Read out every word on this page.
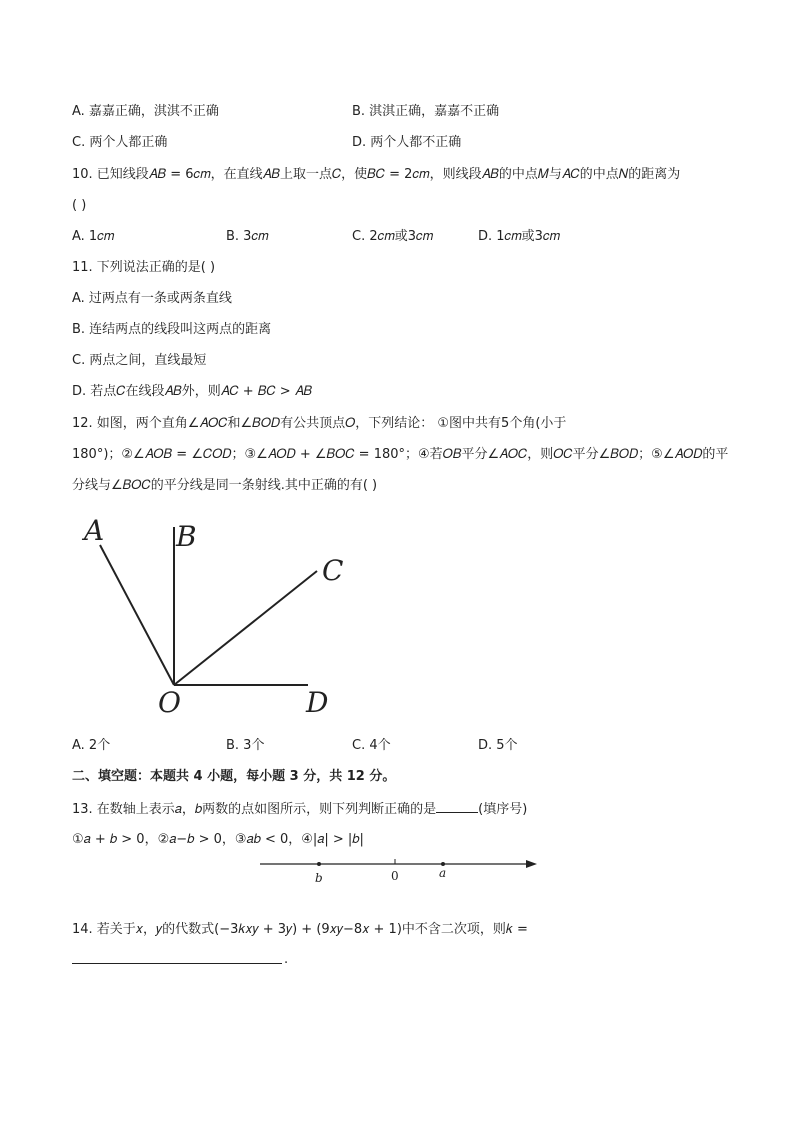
A. 嘉嘉正确，淇淇不正确	B. 淇淇正确，嘉嘉不正确
C. 两个人都正确	D. 两个人都不正确
10. 已知线段𝐴𝐵 = 6𝑐𝑚，在直线𝐴𝐵上取一点𝐶，使𝐵𝐶 = 2𝑐𝑚，则线段𝐴𝐵的中点𝑀与𝐴𝐶的中点𝑁的距离为
( )
A. 1𝑐𝑚	B. 3𝑐𝑚	C. 2𝑐𝑚或3𝑐𝑚	D. 1𝑐𝑚或3𝑐𝑚
11. 下列说法正确的是( )
A. 过两点有一条或两条直线
B. 连结两点的线段叫这两点的距离
C. 两点之间，直线最短
D. 若点𝐶在线段𝐴𝐵外，则𝐴𝐶 + 𝐵𝐶 > 𝐴𝐵
12. 如图，两个直角∠𝐴𝑂𝐶和∠𝐵𝑂𝐷有公共顶点𝑂，下列结论： ①图中共有5个角(小于
180°)；②∠𝐴𝑂𝐵 = ∠𝐶𝑂𝐷；③∠𝐴𝑂𝐷 + ∠𝐵𝑂𝐶 = 180°；④若𝑂𝐵平分∠𝐴𝑂𝐶，则𝑂𝐶平分∠𝐵𝑂𝐷；⑤∠𝐴𝑂𝐷的平
分线与∠𝐵𝑂𝐶的平分线是同一条射线.其中正确的有( )
A	B
C
O	D
A. 2个	B. 3个	C. 4个	D. 5个
二、填空题：本题共 4 小题，每小题 3 分，共 12 分。
13. 在数轴上表示𝑎，𝑏两数的点如图所示，则下列判断正确的是	(填序号)
①𝑎 + 𝑏 > 0，②𝑎−𝑏 > 0，③𝑎𝑏 < 0，④|𝑎| > |𝑏|
b	0	a
14. 若关于𝑥，𝑦的代数式(−3𝑘𝑥𝑦 + 3𝑦) + (9𝑥𝑦−8𝑥 + 1)中不含二次项，则𝑘 =
.
